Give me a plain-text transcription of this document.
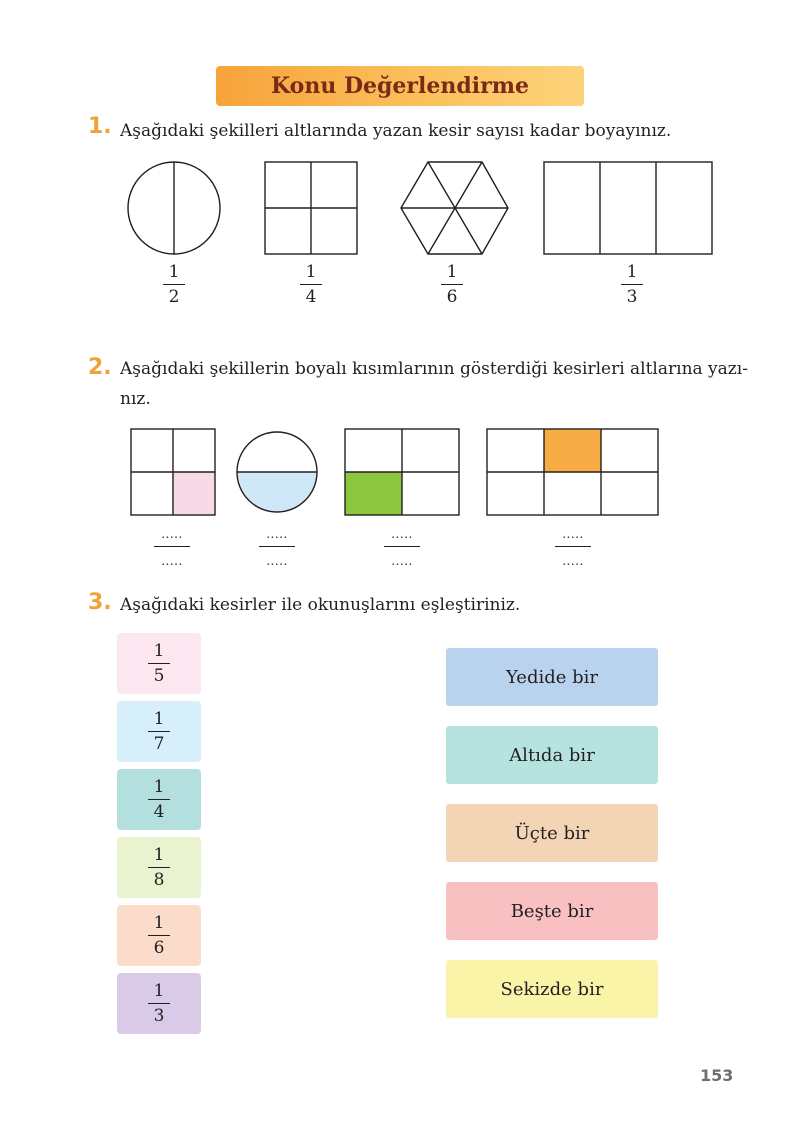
Konu Değerlendirme
1. Aşağıdaki şekilleri altlarında yazan kesir sayısı kadar boyayınız.
1
2
1
4
1
6
1
3
2. Aşağıdaki şekillerin boyalı kısımlarının gösterdiği kesirleri altlarına yazı-
nız.
.....
.....
.....
.....
.....
.....
.....
.....
3. Aşağıdaki kesirler ile okunuşlarını eşleştiriniz.
$\frac{1}{5}$
$\frac{1}{7}$
$\frac{1}{4}$
$\frac{1}{8}$
$\frac{1}{6}$
$\frac{1}{3}$
Yedide bir
Altıda bir
Üçte bir
Beşte bir
Sekizde bir
153
